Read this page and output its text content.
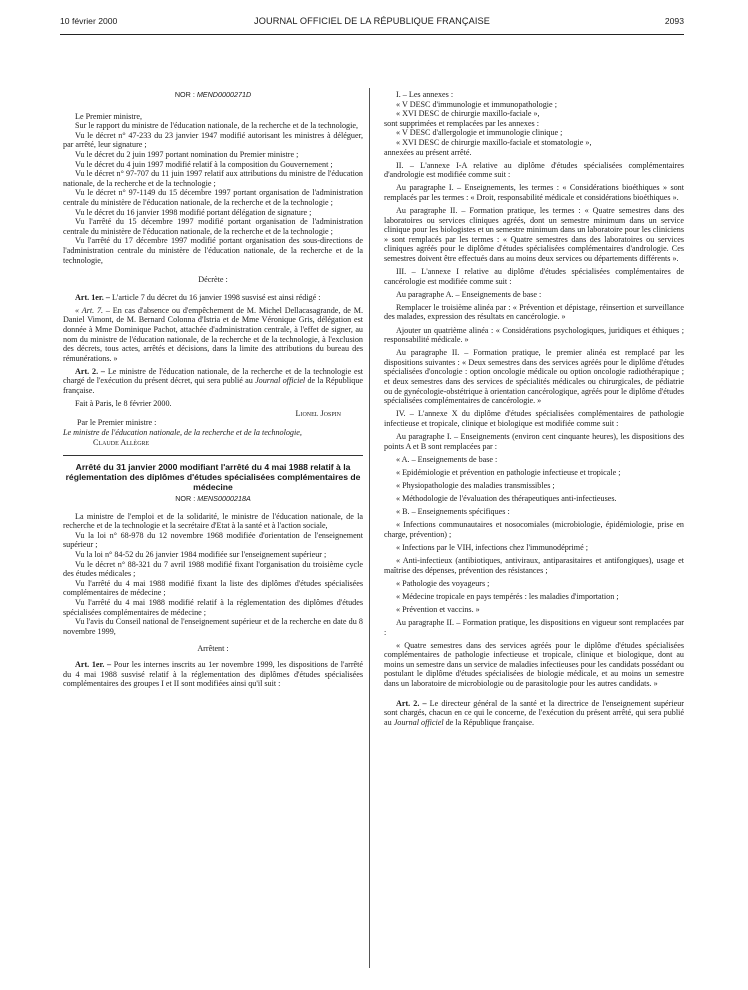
10 février 2000	JOURNAL OFFICIEL DE LA RÉPUBLIQUE FRANÇAISE	2093

NOR : MEND0000271D

Le Premier ministre,

Sur le rapport du ministre de l'éducation nationale, de la recherche et de la technologie,

Vu le décret n° 47-233 du 23 janvier 1947 modifié autorisant les ministres à déléguer, par arrêté, leur signature ;

Vu le décret du 2 juin 1997 portant nomination du Premier ministre ;

Vu le décret du 4 juin 1997 modifié relatif à la composition du Gouvernement ;

Vu le décret n° 97-707 du 11 juin 1997 relatif aux attributions du ministre de l'éducation nationale, de la recherche et de la technologie ;

Vu le décret n° 97-1149 du 15 décembre 1997 portant organisation de l'administration centrale du ministère de l'éducation nationale, de la recherche et de la technologie ;

Vu le décret du 16 janvier 1998 modifié portant délégation de signature ;

Vu l'arrêté du 15 décembre 1997 modifié portant organisation de l'administration centrale du ministère de l'éducation nationale, de la recherche et de la technologie ;

Vu l'arrêté du 17 décembre 1997 modifié portant organisation des sous-directions de l'administration centrale du ministère de l'éducation nationale, de la recherche et de la technologie,

Décrète :

Art. 1er. – L'article 7 du décret du 16 janvier 1998 susvisé est ainsi rédigé :

« Art. 7. – En cas d'absence ou d'empêchement de M. Michel Dellacasagrande, de M. Daniel Vimont, de M. Bernard Colonna d'Istria et de Mme Véronique Gris, délégation est donnée à Mme Dominique Pachot, attachée d'administration centrale, à l'effet de signer, au nom du ministre de l'éducation nationale, de la recherche et de la technologie, à l'exclusion des décrets, tous actes, arrêtés et décisions, dans la limite des attributions du bureau des rémunérations. »

Art. 2. – Le ministre de l'éducation nationale, de la recherche et de la technologie est chargé de l'exécution du présent décret, qui sera publié au Journal officiel de la République française.

Fait à Paris, le 8 février 2000.

Lionel Jospin

Par le Premier ministre :

Le ministre de l'éducation nationale, de la recherche et de la technologie,

Claude Allègre

Arrêté du 31 janvier 2000 modifiant l'arrêté du 4 mai 1988 relatif à la réglementation des diplômes d'études spécialisées complémentaires de médecine

NOR : MENS0000218A

La ministre de l'emploi et de la solidarité, le ministre de l'éducation nationale, de la recherche et de la technologie et la secrétaire d'Etat à la santé et à l'action sociale,

Vu la loi n° 68-978 du 12 novembre 1968 modifiée d'orientation de l'enseignement supérieur ;

Vu la loi n° 84-52 du 26 janvier 1984 modifiée sur l'enseignement supérieur ;

Vu le décret n° 88-321 du 7 avril 1988 modifié fixant l'organisation du troisième cycle des études médicales ;

Vu l'arrêté du 4 mai 1988 modifié fixant la liste des diplômes d'études spécialisées complémentaires de médecine ;

Vu l'arrêté du 4 mai 1988 modifié relatif à la réglementation des diplômes d'études spécialisées complémentaires de médecine ;

Vu l'avis du Conseil national de l'enseignement supérieur et de la recherche en date du 8 novembre 1999,

Arrêtent :

Art. 1er. – Pour les internes inscrits au 1er novembre 1999, les dispositions de l'arrêté du 4 mai 1988 susvisé relatif à la réglementation des diplômes d'études spécialisées complémentaires des groupes I et II sont modifiées ainsi qu'il suit :

I. – Les annexes :

« V DESC d'immunologie et immunopathologie ;

« XVI DESC de chirurgie maxillo-faciale »,

sont supprimées et remplacées par les annexes :

« V DESC d'allergologie et immunologie clinique ;

« XVI DESC de chirurgie maxillo-faciale et stomatologie »,

annexées au présent arrêté.

II. – L'annexe I-A relative au diplôme d'études spécialisées complémentaires d'andrologie est modifiée comme suit :

Au paragraphe I. – Enseignements, les termes : « Considérations bioéthiques » sont remplacés par les termes : « Droit, responsabilité médicale et considérations bioéthiques ».

Au paragraphe II. – Formation pratique, les termes : « Quatre semestres dans des laboratoires ou services cliniques agréés, dont un semestre minimum dans un service clinique pour les biologistes et un semestre minimum dans un laboratoire pour les cliniciens » sont remplacés par les termes : « Quatre semestres dans des laboratoires ou services cliniques agréés pour le diplôme d'études spécialisées complémentaires d'andrologie. Ces semestres doivent être effectués dans au moins deux services ou départements différents ».

III. – L'annexe I relative au diplôme d'études spécialisées complémentaires de cancérologie est modifiée comme suit :

Au paragraphe A. – Enseignements de base :

Remplacer le troisième alinéa par : « Prévention et dépistage, réinsertion et surveillance des malades, expression des résultats en cancérologie. »

Ajouter un quatrième alinéa : « Considérations psychologiques, juridiques et éthiques ; responsabilité médicale. »

Au paragraphe II. – Formation pratique, le premier alinéa est remplacé par les dispositions suivantes : « Deux semestres dans des services agréés pour le diplôme d'études spécialisées d'oncologie : option oncologie médicale ou option oncologie radiothérapique ; et deux semestres dans des services de spécialités médicales ou chirurgicales, de pédiatrie ou de gynécologie-obstétrique à orientation cancérologique, agréés pour le diplôme d'études spécialisées complémentaires de cancérologie. »

IV. – L'annexe X du diplôme d'études spécialisées complémentaires de pathologie infectieuse et tropicale, clinique et biologique est modifiée comme suit :

Au paragraphe I. – Enseignements (environ cent cinquante heures), les dispositions des points A et B sont remplacées par :

« A. – Enseignements de base :

« Epidémiologie et prévention en pathologie infectieuse et tropicale ;

« Physiopathologie des maladies transmissibles ;

« Méthodologie de l'évaluation des thérapeutiques anti-infectieuses.

« B. – Enseignements spécifiques :

« Infections communautaires et nosocomiales (microbiologie, épidémiologie, prise en charge, prévention) ;

« Infections par le VIH, infections chez l'immunodéprimé ;

« Anti-infectieux (antibiotiques, antiviraux, antiparasitaires et antifongiques), usage et maîtrise des dépenses, prévention des résistances ;

« Pathologie des voyageurs ;

« Médecine tropicale en pays tempérés : les maladies d'importation ;

« Prévention et vaccins. »

Au paragraphe II. – Formation pratique, les dispositions en vigueur sont remplacées par :

« Quatre semestres dans des services agréés pour le diplôme d'études spécialisées complémentaires de pathologie infectieuse et tropicale, clinique et biologique, dont au moins un semestre dans un service de maladies infectieuses pour les candidats possédant ou postulant le diplôme d'études spécialisées de biologie médicale, et au moins un semestre dans un laboratoire de microbiologie ou de parasitologie pour les autres candidats. »

Art. 2. – Le directeur général de la santé et la directrice de l'enseignement supérieur sont chargés, chacun en ce qui le concerne, de l'exécution du présent arrêté, qui sera publié au Journal officiel de la République française.
